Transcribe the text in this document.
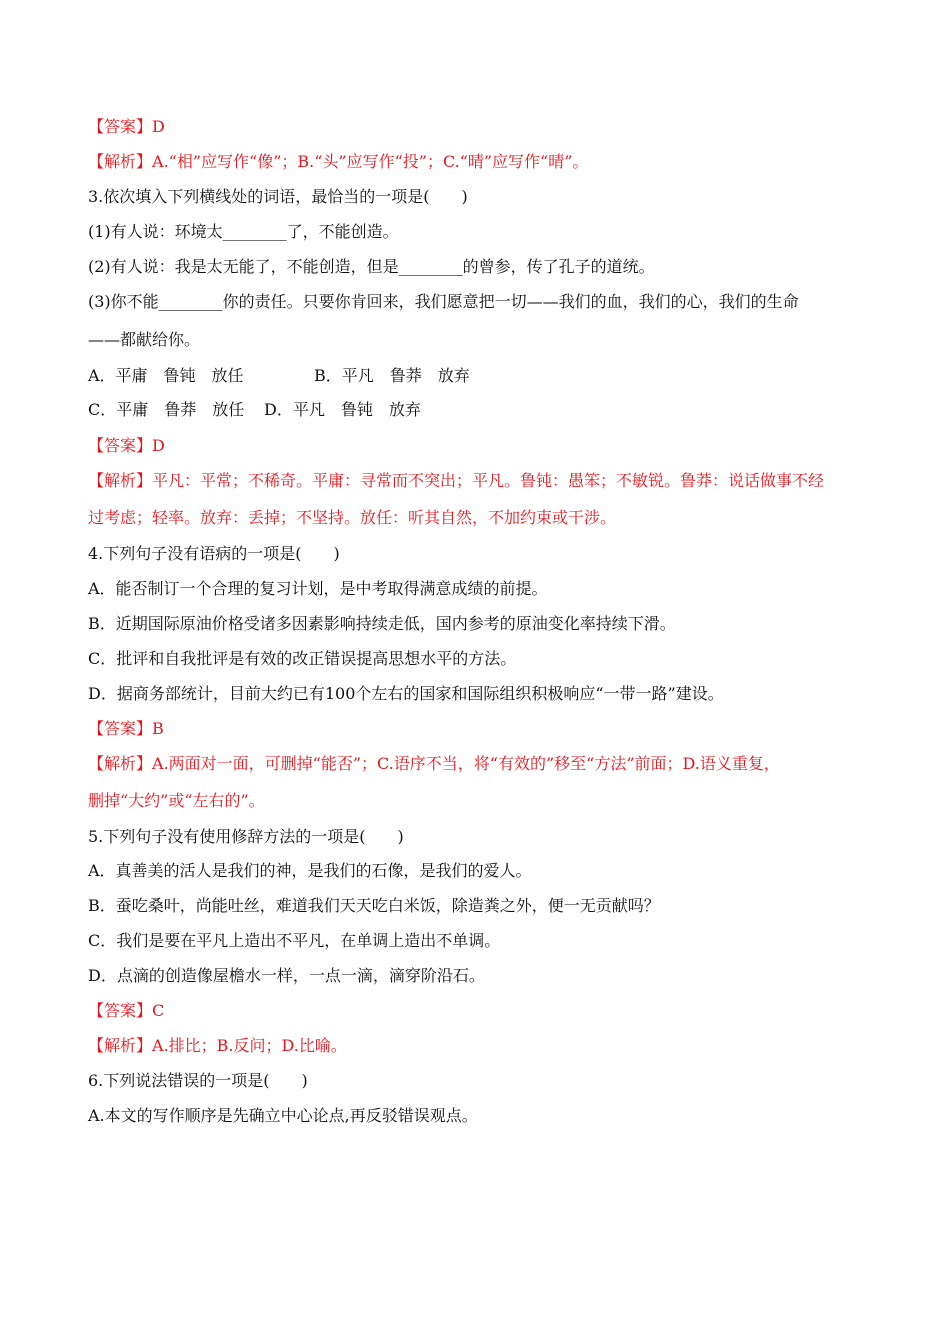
【答案】D
【解析】A.“相”应写作“像”；B.“头”应写作“投”；C.“晴”应写作“晴”。
3.依次填入下列横线处的词语，最恰当的一项是(　　)
(1)有人说：环境太________了，不能创造。
(2)有人说：我是太无能了，不能创造，但是________的曾参，传了孔子的道统。
(3)你不能________你的责任。只要你肯回来，我们愿意把一切——我们的血，我们的心，我们的生命
——都献给你。
A．平庸　鲁钝　放任	B．平凡　鲁莽　放弃
C．平庸　鲁莽　放任 D．平凡　鲁钝　放弃
【答案】D
【解析】平凡：平常；不稀奇。平庸：寻常而不突出；平凡。鲁钝：愚笨；不敏锐。鲁莽：说话做事不经
过考虑；轻率。放弃：丢掉；不坚持。放任：听其自然，不加约束或干涉。
4.下列句子没有语病的一项是(　　)
A．能否制订一个合理的复习计划，是中考取得满意成绩的前提。
B．近期国际原油价格受诸多因素影响持续走低，国内参考的原油变化率持续下滑。
C．批评和自我批评是有效的改正错误提高思想水平的方法。
D．据商务部统计，目前大约已有100个左右的国家和国际组织积极响应“一带一路”建设。
【答案】B
【解析】A.两面对一面，可删掉“能否”；C.语序不当，将“有效的”移至“方法”前面；D.语义重复，
删掉“大约”或“左右的”。
5.下列句子没有使用修辞方法的一项是(　　)
A．真善美的活人是我们的神，是我们的石像，是我们的爱人。
B．蚕吃桑叶，尚能吐丝，难道我们天天吃白米饭，除造粪之外，便一无贡献吗？
C．我们是要在平凡上造出不平凡，在单调上造出不单调。
D．点滴的创造像屋檐水一样，一点一滴，滴穿阶沿石。
【答案】C
【解析】A.排比；B.反问；D.比喻。
6.下列说法错误的一项是(　　)
A.本文的写作顺序是先确立中心论点,再反驳错误观点。
